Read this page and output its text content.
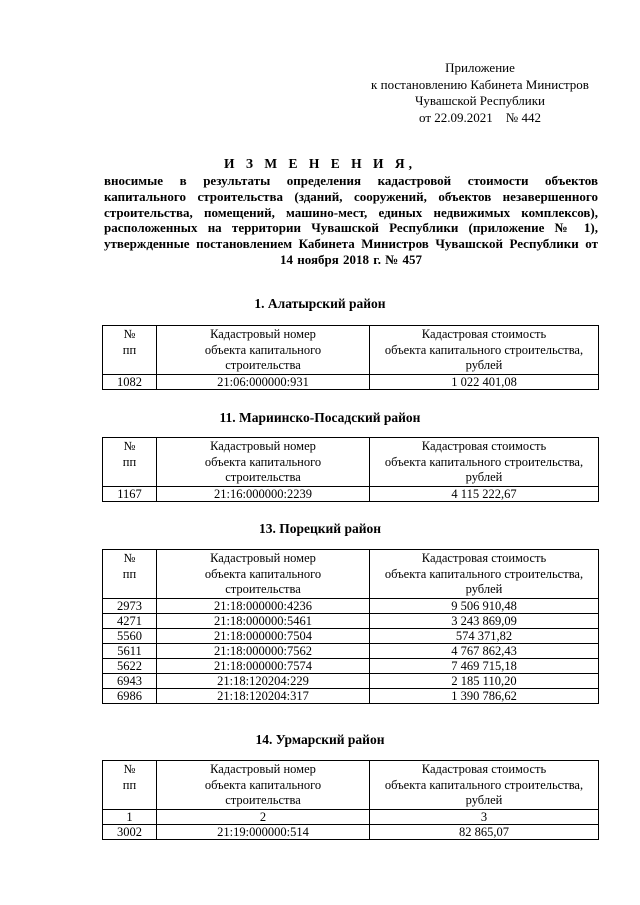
Приложение
к постановлению Кабинета Министров
Чувашской Республики
от 22.09.2021    № 442
И З М Е Н Е Н И Я,
вносимые в результаты определения кадастровой стоимости объектов капитального строительства (зданий, сооружений, объектов незавершенного строительства, помещений, машино-мест, единых недвижимых комплексов), расположенных на территории Чувашской Республики (приложение № 1), утвержденные постановлением Кабинета Министров Чувашской Республики от 14 ноября 2018 г. № 457
1. Алатырский район
№
пп	Кадастровый номер
объекта капитального
строительства	Кадастровая стоимость
объекта капитального строительства,
рублей
1082	21:06:000000:931	1 022 401,08
11. Мариинско-Посадский район
№
пп	Кадастровый номер
объекта капитального
строительства	Кадастровая стоимость
объекта капитального строительства,
рублей
1167	21:16:000000:2239	4 115 222,67
13. Порецкий район
№
пп	Кадастровый номер
объекта капитального
строительства	Кадастровая стоимость
объекта капитального строительства,
рублей
2973	21:18:000000:4236	9 506 910,48
4271	21:18:000000:5461	3 243 869,09
5560	21:18:000000:7504	574 371,82
5611	21:18:000000:7562	4 767 862,43
5622	21:18:000000:7574	7 469 715,18
6943	21:18:120204:229	2 185 110,20
6986	21:18:120204:317	1 390 786,62
14. Урмарский район
№
пп	Кадастровый номер
объекта капитального
строительства	Кадастровая стоимость
объекта капитального строительства,
рублей
1	2	3
3002	21:19:000000:514	82 865,07
